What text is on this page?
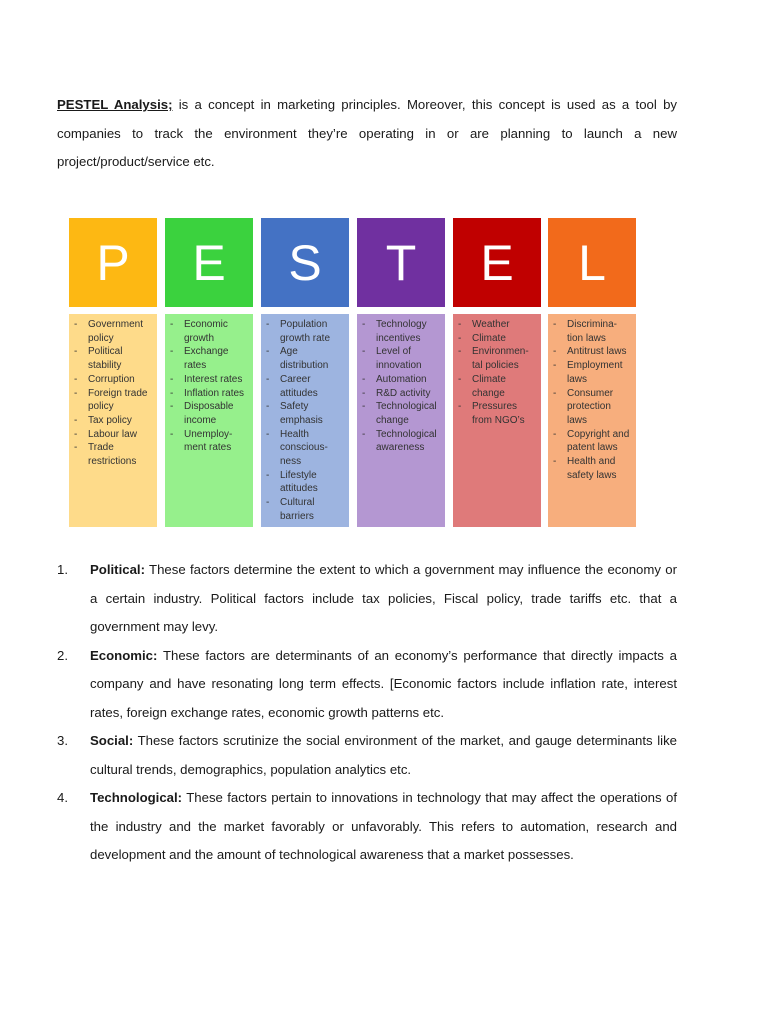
PESTEL Analysis; is a concept in marketing principles. Moreover, this concept is used as a tool by companies to track the environment they’re operating in or are planning to launch a new project/product/service etc.

P
- Government policy
- Political stability
- Corruption
- Foreign trade policy
- Tax policy
- Labour law
- Trade restrictions
E
- Economic growth
- Exchange rates
- Interest rates
- Inflation rates
- Disposable income
- Unemploy-ment rates
S
- Population growth rate
- Age distribution
- Career attitudes
- Safety emphasis
- Health conscious-ness
- Lifestyle attitudes
- Cultural barriers
T
- Technology incentives
- Level of innovation
- Automation
- R&D activity
- Technological change
- Technological awareness
E
- Weather
- Climate
- Environmen-tal policies
- Climate change
- Pressures from NGO’s
L
- Discrimina-tion laws
- Antitrust laws
- Employment laws
- Consumer protection laws
- Copyright and patent laws
- Health and safety laws
1. Political: These factors determine the extent to which a government may influence the economy or a certain industry. Political factors include tax policies, Fiscal policy, trade tariffs etc. that a government may levy.
2. Economic: These factors are determinants of an economy’s performance that directly impacts a company and have resonating long term effects. [Economic factors include inflation rate, interest rates, foreign exchange rates, economic growth patterns etc.
3. Social: These factors scrutinize the social environment of the market, and gauge determinants like cultural trends, demographics, population analytics etc.
4. Technological: These factors pertain to innovations in technology that may affect the operations of the industry and the market favorably or unfavorably. This refers to automation, research and development and the amount of technological awareness that a market possesses.
